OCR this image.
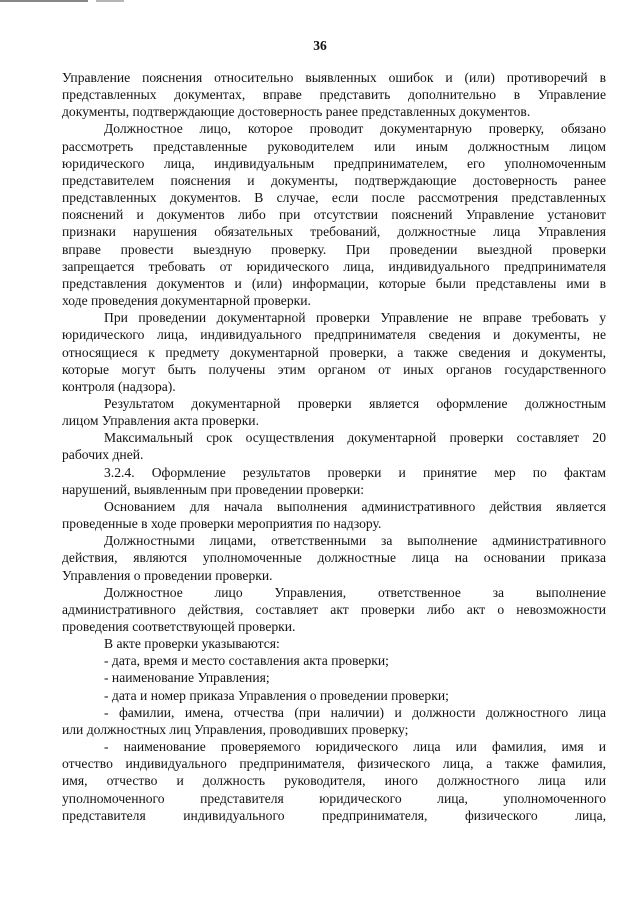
36

Управление пояснения относительно выявленных ошибок и (или) противоречий в

представленных документах, вправе представить дополнительно в Управление

документы, подтверждающие достоверность ранее представленных документов.

Должностное лицо, которое проводит документарную проверку, обязано

рассмотреть представленные руководителем или иным должностным лицом

юридического лица, индивидуальным предпринимателем, его уполномоченным

представителем пояснения и документы, подтверждающие достоверность ранее

представленных документов. В случае, если после рассмотрения представленных

пояснений и документов либо при отсутствии пояснений Управление установит

признаки нарушения обязательных требований, должностные лица Управления

вправе провести выездную проверку. При проведении выездной проверки

запрещается требовать от юридического лица, индивидуального предпринимателя

представления документов и (или) информации, которые были представлены ими в

ходе проведения документарной проверки.

При проведении документарной проверки Управление не вправе требовать у

юридического лица, индивидуального предпринимателя сведения и документы, не

относящиеся к предмету документарной проверки, а также сведения и документы,

которые могут быть получены этим органом от иных органов государственного

контроля (надзора).

Результатом документарной проверки является оформление должностным

лицом Управления акта проверки.

Максимальный срок осуществления документарной проверки составляет 20

рабочих дней.

3.2.4. Оформление результатов проверки и принятие мер по фактам

нарушений, выявленным при проведении проверки:

Основанием для начала выполнения административного действия является

проведенные в ходе проверки мероприятия по надзору.

Должностными лицами, ответственными за выполнение административного

действия, являются уполномоченные должностные лица на основании приказа

Управления о проведении проверки.

Должностное лицо Управления, ответственное за выполнение

административного действия, составляет акт проверки либо акт о невозможности

проведения соответствующей проверки.

В акте проверки указываются:

- дата, время и место составления акта проверки;

- наименование Управления;

- дата и номер приказа Управления о проведении проверки;

- фамилии, имена, отчества (при наличии) и должности должностного лица

или должностных лиц Управления, проводивших проверку;

- наименование проверяемого юридического лица или фамилия, имя и

отчество индивидуального предпринимателя, физического лица, а также фамилия,

имя, отчество и должность руководителя, иного должностного лица или

уполномоченного представителя юридического лица, уполномоченного

представителя индивидуального предпринимателя, физического лица,
